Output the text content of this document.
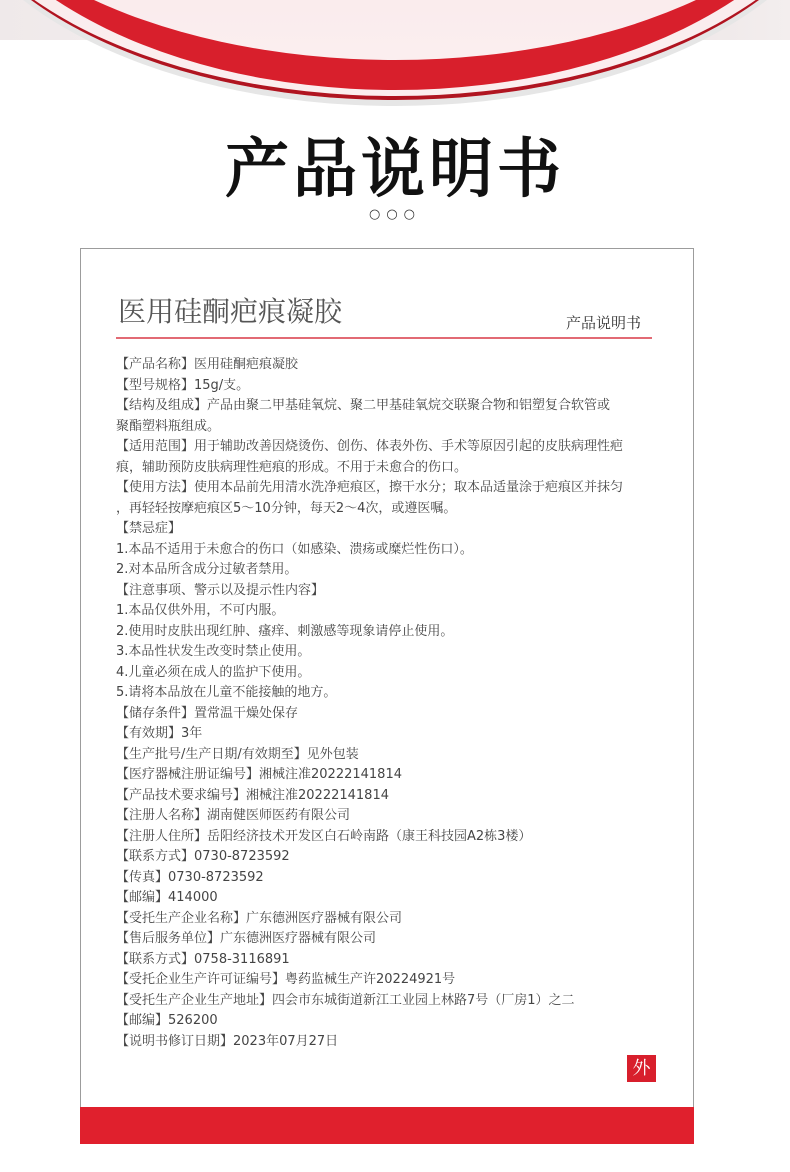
产品说明书
○○○
医用硅酮疤痕凝胶	产品说明书
【产品名称】医用硅酮疤痕凝胶
【型号规格】15g/支。
【结构及组成】产品由聚二甲基硅氧烷、聚二甲基硅氧烷交联聚合物和铝塑复合软管或
聚酯塑料瓶组成。
【适用范围】用于辅助改善因烧烫伤、创伤、体表外伤、手术等原因引起的皮肤病理性疤
痕，辅助预防皮肤病理性疤痕的形成。不用于未愈合的伤口。
【使用方法】使用本品前先用清水洗净疤痕区，擦干水分；取本品适量涂于疤痕区并抹匀
，再轻轻按摩疤痕区5～10分钟，每天2～4次，或遵医嘱。
【禁忌症】
1.本品不适用于未愈合的伤口（如感染、溃疡或糜烂性伤口）。
2.对本品所含成分过敏者禁用。
【注意事项、警示以及提示性内容】
1.本品仅供外用，不可内服。
2.使用时皮肤出现红肿、瘙痒、刺激感等现象请停止使用。
3.本品性状发生改变时禁止使用。
4.儿童必须在成人的监护下使用。
5.请将本品放在儿童不能接触的地方。
【储存条件】置常温干燥处保存
【有效期】3年
【生产批号/生产日期/有效期至】见外包装
【医疗器械注册证编号】湘械注准20222141814
【产品技术要求编号】湘械注准20222141814
【注册人名称】湖南健医师医药有限公司
【注册人住所】岳阳经济技术开发区白石岭南路（康王科技园A2栋3楼）
【联系方式】0730-8723592
【传真】0730-8723592
【邮编】414000
【受托生产企业名称】广东德洲医疗器械有限公司
【售后服务单位】广东德洲医疗器械有限公司
【联系方式】0758-3116891
【受托企业生产许可证编号】粤药监械生产许20224921号
【受托生产企业生产地址】四会市东城街道新江工业园上林路7号（厂房1）之二
【邮编】526200
【说明书修订日期】2023年07月27日
外
